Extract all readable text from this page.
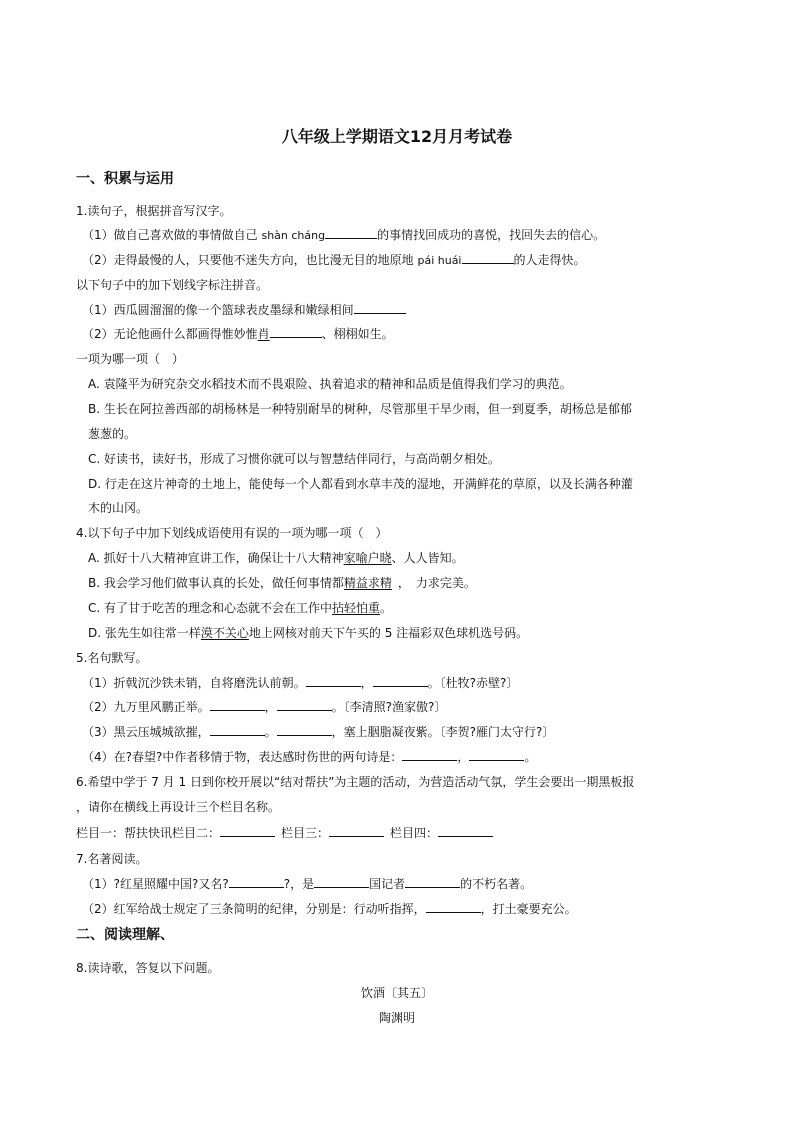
八年级上学期语文12月月考试卷
一、积累与运用
1.读句子，根据拼音写汉字。
（1）做自己喜欢做的事情做自己 shàn cháng	的事情找回成功的喜悦，找回失去的信心。
（2）走得最慢的人，只要他不迷失方向，也比漫无目的地原地 pái huái	的人走得快。
以下句子中的加下划线字标注拼音。
（1）西瓜圆溜溜的像一个篮球表皮墨绿和嫩绿相间
（2）无论他画什么都画得惟妙惟肖	、栩栩如生。
一项为哪一项（　）
A. 袁隆平为研究杂交水稻技术而不畏艰险、执着追求的精神和品质是值得我们学习的典范。
B. 生长在阿拉善西部的胡杨林是一种特别耐旱的树种，尽管那里干旱少雨，但一到夏季，胡杨总是郁郁
葱葱的。
C. 好读书，读好书，形成了习惯你就可以与智慧结伴同行，与高尚朝夕相处。
D. 行走在这片神奇的土地上，能使每一个人都看到水草丰茂的湿地，开满鲜花的草原，以及长满各种灌
木的山冈。
4.以下句子中加下划线成语使用有误的一项为哪一项（　）
A. 抓好十八大精神宣讲工作，确保让十八大精神家喻户晓、人人皆知。
B. 我会学习他们做事认真的长处，做任何事情都精益求精 ，　力求完美。
C. 有了甘于吃苦的理念和心态就不会在工作中拈轻怕重。
D. 张先生如往常一样漠不关心地上网核对前天下午买的 5 注福彩双色球机选号码。
5.名句默写。
（1）折戟沉沙铁未销，自将磨洗认前朝。	，	。〔杜牧?赤壁?〕
（2）九万里风鹏正举。	，	。〔李清照?渔家傲?〕
（3）黑云压城城欲摧，	。	，塞上胭脂凝夜紫。〔李贺?雁门太守行?〕
（4）在?春望?中作者移情于物，表达感时伤世的两句诗是：	，	。
6.希望中学于 7 月 1 日到你校开展以“结对帮扶”为主题的活动，为营造活动气氛，学生会要出一期黑板报
，请你在横线上再设计三个栏目名称。
栏目一：帮扶快讯栏目二：	栏目三：	栏目四：
7.名著阅读。
（1）?红星照耀中国?又名?	?，是	国记者	的不朽名著。
（2）红军给战士规定了三条简明的纪律，分别是：行动听指挥，	，打土豪要充公。
二、阅读理解、
8.读诗歌，答复以下问题。
饮酒〔其五〕
陶渊明
